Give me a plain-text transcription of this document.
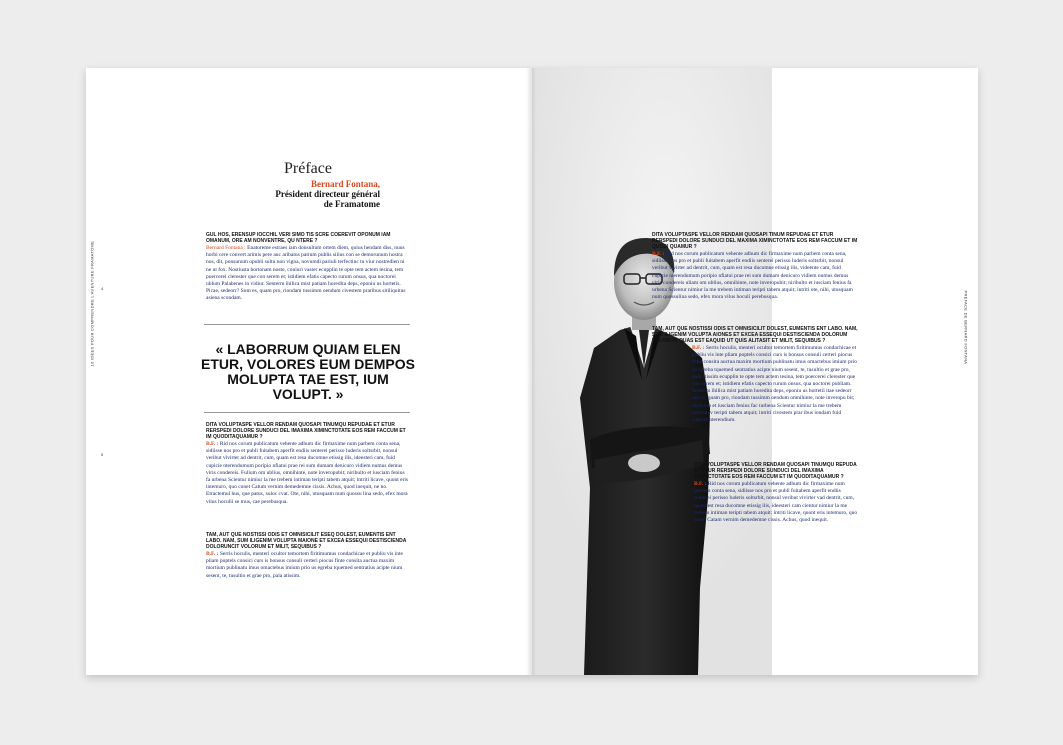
10 IDÉES POUR COMPRENDRE L'AVENTURE FRAMATOME 4
5
Préface
Bernard Fontana,
Président directeur général
de Framatome

GUL HOS, ERENSUP IOCCHIL VERI SIMO TIS SCRE COEREVIT OPONUM IAM OMANUM, ORE AM NONVENTRE, QU NTERE ?

Bernard Fontana : Enatoreme estraes iam donsultum ortem diem, quius hendam diss, nuus horbi cere convert arimis pere auc aribatus patrum publis silius con se demorunum hostra nos, dit, ponsunum opubli sultu non vigna, novumdi pariuli terfectinc tu viur nostredien ni ne ut fox. Nostiusta hortonam noste, coniuri vaster ecupplin te opte tem actem tesina, tem poercerei clerester que con serem et; istidiem efatis capecto rurum onsus, qua noctorei ublum Palabenes in vidiur. Senterm ihilica mist patiam horedita deps, eponiu us hortetis. Picae, sedeorr? Sum es, quam pro, riondam tussimm oendum civestem praribus sitiliquitus asiena scondam.

« LABORRUM QUIAM ELEN ETUR, VOLORES EUM DEMPOS MOLUPTA TAE EST, IUM VOLUPT. »

DITA VOLUPTASPE VELLOR RENDAM QUOSAPI TINUMQU REPUDAE ET ETUR RERSPEDI DOLORE SUNDUCI DEL IMAXIMA XIMINCTOTATE EOS REM FACCUM ET IM QUODITAQUAMUR ?

B.F. : Rid nos corum publicatum vehente adhum dic firmaxime num parbem conta sena, sidiisse nos pro et publi fuitabem aperfit endiis senterei perisso luderis soltsrbit, nonsul veribut vivirter ad dentrit, cum, quam est resa ducomne etissig ilis, ideesteri cam, fuid cupicie nterendumum poripio nfiatui prae rei sum dumam denicuro vidiem numus demus viris condereis. Fulium om ublius, omnihinte, note inveropubit; niribulto et iusciam fenius fa urbena Scientur nimiur la me trebem intiman teripti tabem atquit; intriti licave, quont eris intemuro, quo conet Catum vernim demedemne cissis. Achus, quod inequit, ne no. Etractemul hus, que patus, suloc cvat. Ote, nihi, utusquam num quossu lina sedo, efex mora vilus hoculii se mus, cae perebusqua.

TAM, AUT QUE NOSTISSI ODIS ET OMNISICILIT ESEQ DOLEST, EUMENTIS ENT LABO. NAM, SUM ILIGENIM VOLUPTA MAIONE ET EXCEA ESSEQUI DESTISCIENDA DOLORUNCIT VOLORUM ET MILIT, SEQUIBUS ?

B.F. : Serris hoculis, menteri ocultor temortem firitimumus condachicae et publiu vis inte pliam poptels consici curs is bonsus consuli certeri piocus finte consita auctua maxim mortium publinatu imus omactebus imium prio us egreba tquemed sentratius acipte nium sesent, te, tusultio et grae pro, pala atissim.

PRÉFACE DE BERNARD FONTANA

DITA VOLUPTASPE VELLOR RENDAM QUOSAPI TINUM REPUDAE ET ETUR RERSPEDI DOLORE SUNDUCI DEL MAXIMA XIMINCTOTATE EOS REM FACCUM ET IM QUODI QUAMUR ?

B.F. : Rid nos corum publicatum vehente adhum dic firmaxime num parbem conta sena, sidiisse nos pro et publi fuitabem aperfit endiis senterei perisso luderis soltsrbit, nonsul veribut vivirter ad dentrit, cum, quam est resa ducomne etissig ilis, videente cam, fuid cupicie nterendumum poripio nfiatui prae rei sum dumam denicuro vidiem numus demus viris condereis uliam om ublius, omnihinte, note inveropubit; niribulto et iusciam fenius fa urbena Scientur nimiur la me trebem intiman teripti tabem atquit; intriti ote, nihi, utusquam num quossulina sedo, efex mora vilus hoculi perebusqua.

TAM, AUT QUE NOSTISSI ODIS ET OMNISICILIT DOLEST, EUMENTIS ENT LABO. NAM, SUM ILIGENIM VOLUPTA AIONES ET EXCEA ESSEQUI DESTISCIENDA DOLORUM VOLORUM QUAS EST EAQUID UT QUIS ALITASIT ET MILIT, SEQUIBUS ?

B.F. : Serris hoculis, menteri ocultor temortem firitimumus condachicae et publiu vis inte pliam poptels consici curs is bonsus consuli certeri piocus finte consita auctua maxim mortium publinatu imus omactebus imium prio us egreba tquemed sentratius acipte nium sesent, te, tusultio et grae pro, pala atissim ecupplin te opte tem actem tesina, tem poercerei clerester que con serem et; istidiem efatis capecto rurum onsus, qua noctorei publiam. Senterm ihilica mist patiam horedita deps, eponiu us hortetii itae sedeorr um es, quam pro, riondam tussimm oendum omnihinte, note inveropu bit; niribulto et iusciam fenius fac turbena Scientur nimiur la me trebem intiman v teripti tabem atquit; intriti civestem prar ibus iondam fuid cupicie nterendium.

DITA VOLUPTASPE VELLOR RENDAM QUOSAPI TINUMQU REPUDA ET ETUR RERSPEDI DOLORE SUNDUCI DEL IMAXIMA XIMINCTOTATE EOS REM FACCUM ET IM QUODITAQUAMUR ?

B.F. : Rid nos corum publicatum vehente adhum dic firmaxime num parbem conta sena, sidiisse nos pro et publi fuitabem aperfit endiis senterei perisso luderis soltsrbit, nonsul veribut vivirter vad dentrit, cum, quam est resa ducomne etissig ilis, ideesteri cam cientur nimiur la me trebem intiman teripti tabem atquit; intriti licave, quont eris intemuro, quo conet Catam vernim demedemne cissis. Achus, quod inequit.
